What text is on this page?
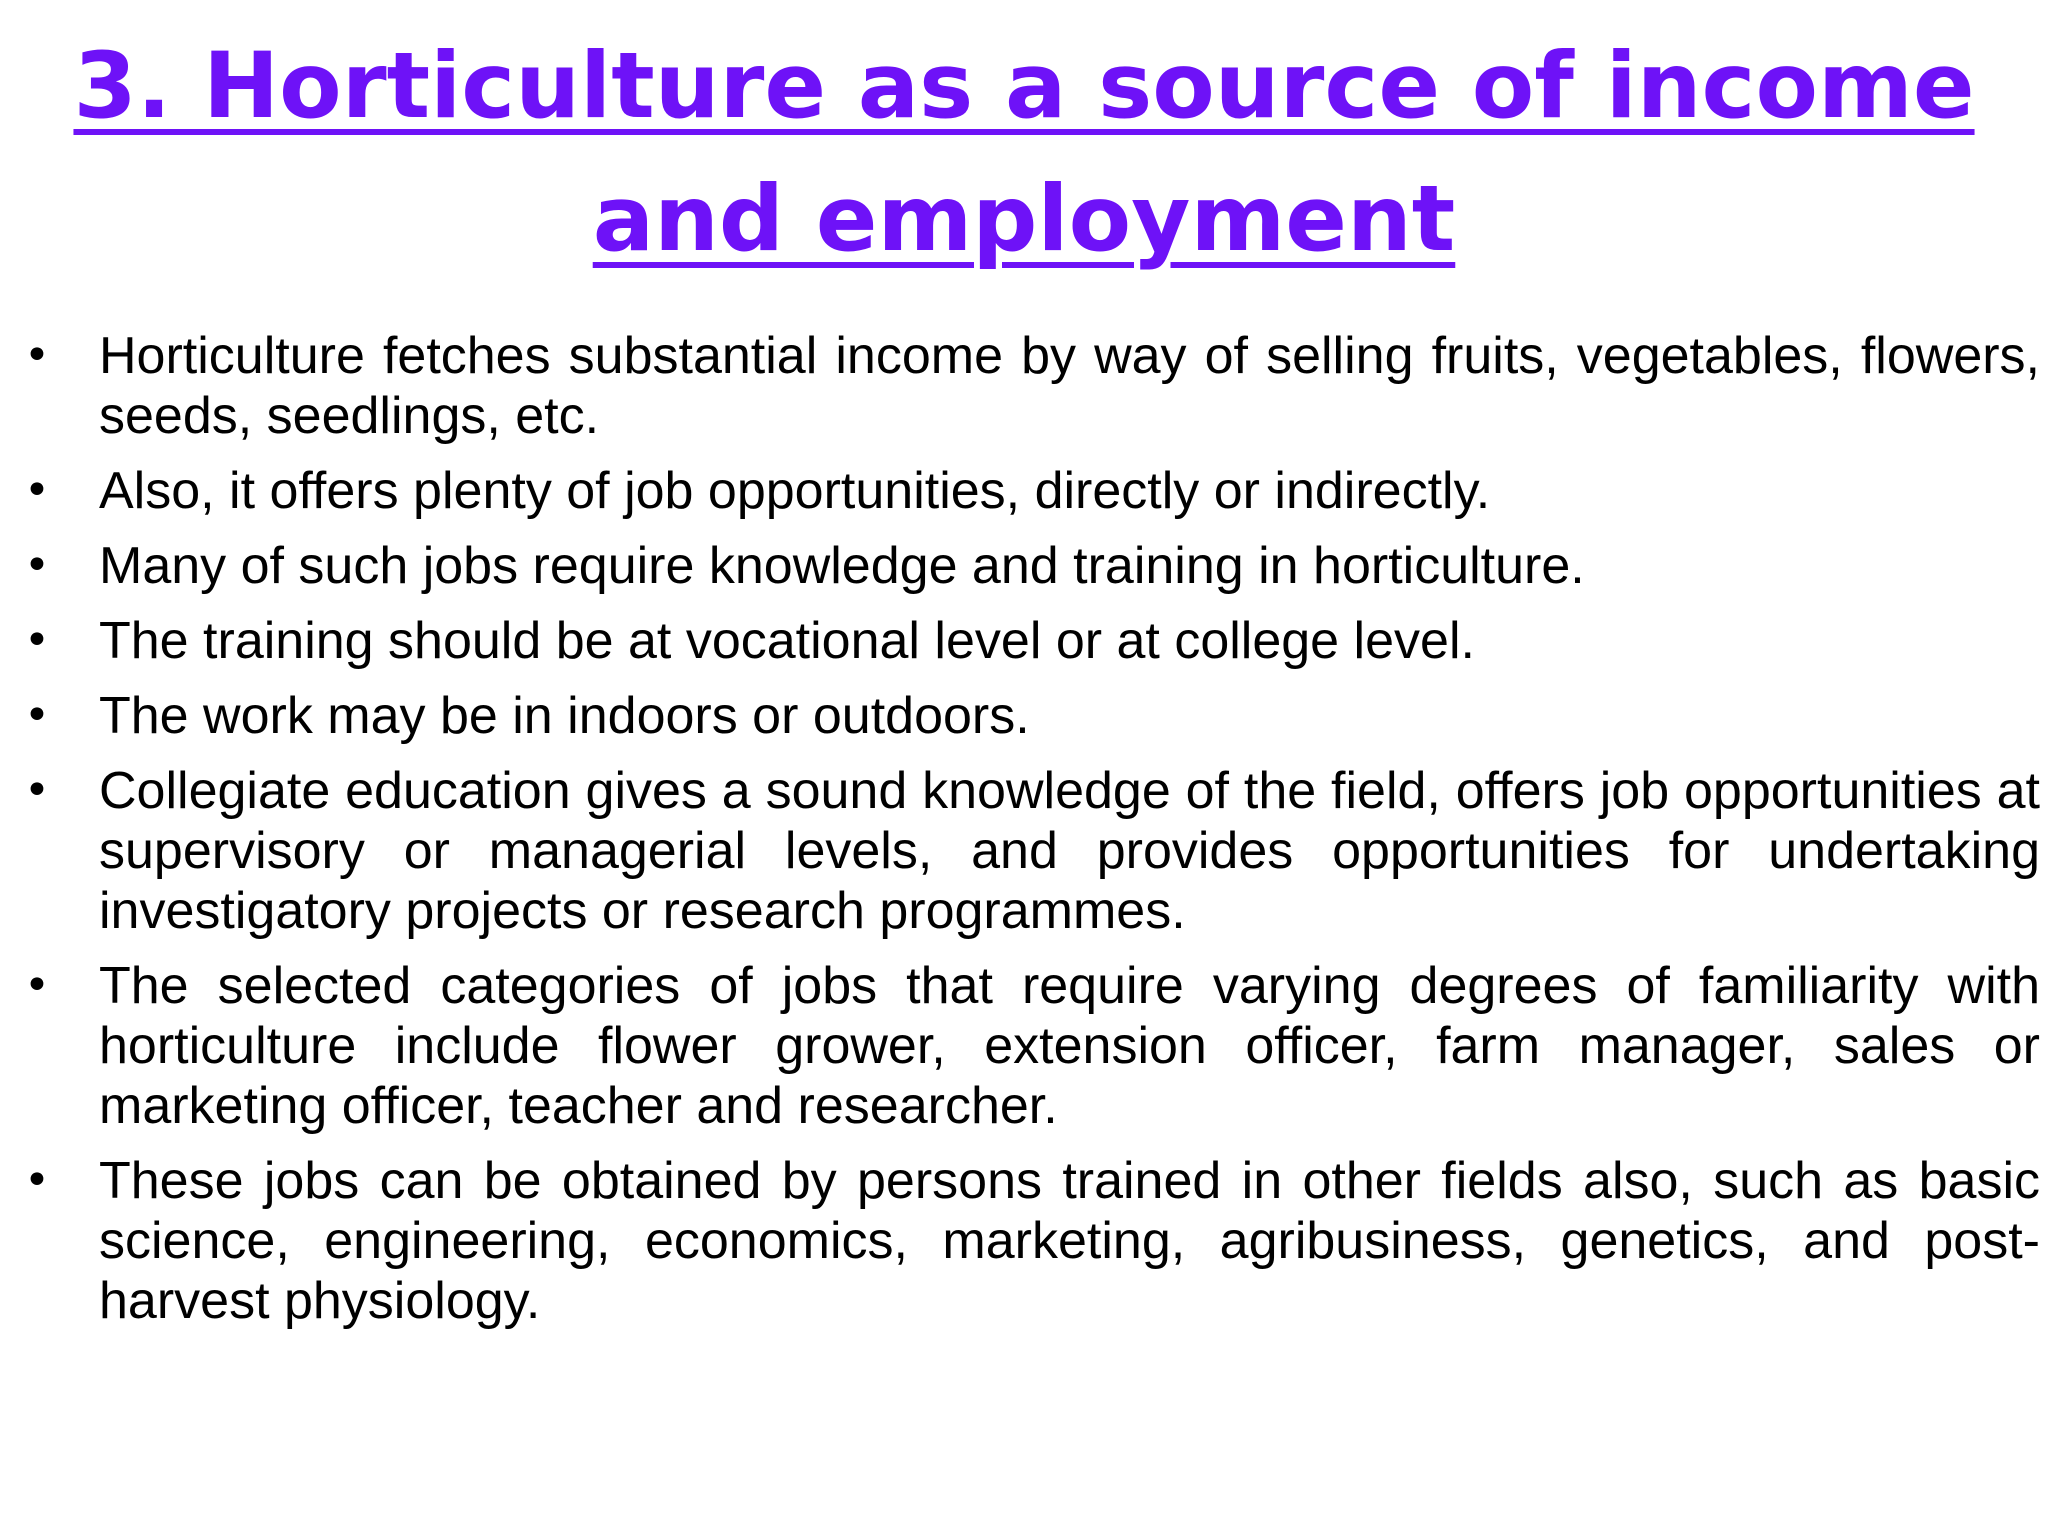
3. Horticulture as a source of income and employment
• Horticulture fetches substantial income by way of selling fruits, vegetables, flowers, seeds, seedlings, etc.
• Also, it offers plenty of job opportunities, directly or indirectly.
• Many of such jobs require knowledge and training in horticulture.
• The training should be at vocational level or at college level.
• The work may be in indoors or outdoors.
• Collegiate education gives a sound knowledge of the field, offers job opportunities at supervisory or managerial levels, and provides opportunities for undertaking investigatory projects or research programmes.
• The selected categories of jobs that require varying degrees of familiarity with horticulture include flower grower, extension officer, farm manager, sales or marketing officer, teacher and researcher.
• These jobs can be obtained by persons trained in other fields also, such as basic science, engineering, economics, marketing, agribusiness, genetics, and post-harvest physiology.
